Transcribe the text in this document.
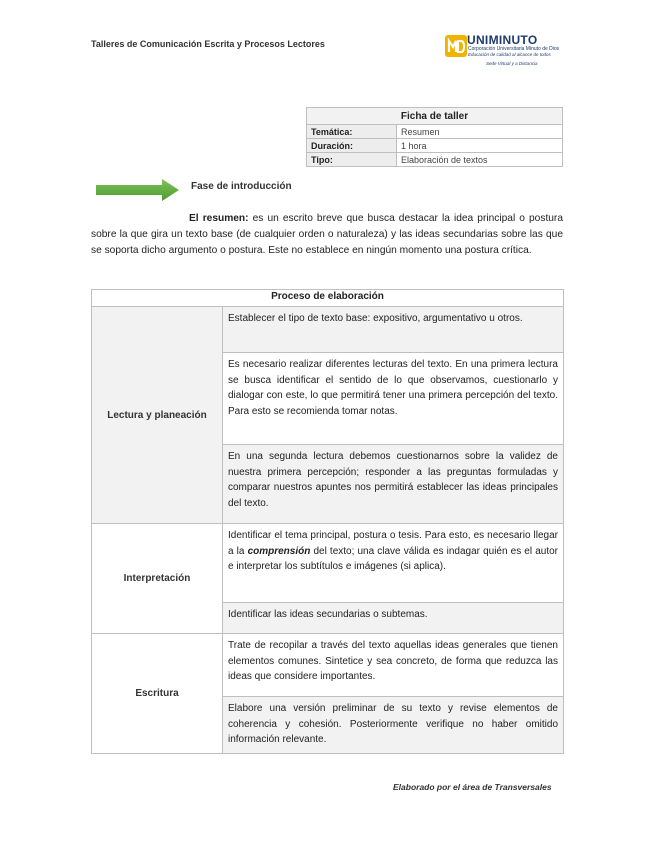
Talleres de Comunicación Escrita y Procesos Lectores	UNIMINUTO
Corporación Universitaria Minuto de Dios
Educación de calidad al alcance de todos
Sede Virtual y a Distancia
Ficha de taller	
Temática:	Resumen
Duración:	1 hora
Tipo:	Elaboración de textos
Fase de introducción
El resumen: es un escrito breve que busca destacar la idea principal o postura sobre la que gira un texto base (de cualquier orden o naturaleza) y las ideas secundarias sobre las que se soporta dicho argumento o postura. Este no establece en ningún momento una postura crítica.
Proceso de elaboración	
Lectura y planeación	Establecer el tipo de texto base: expositivo, argumentativo u otros.
	Es necesario realizar diferentes lecturas del texto. En una primera lectura se busca identificar el sentido de lo que observamos, cuestionarlo y dialogar con este, lo que permitirá tener una primera percepción del texto. Para esto se recomienda tomar notas.
	En una segunda lectura debemos cuestionarnos sobre la validez de nuestra primera percepción; responder a las preguntas formuladas y comparar nuestros apuntes nos permitirá establecer las ideas principales del texto.
Interpretación	Identificar el tema principal, postura o tesis. Para esto, es necesario llegar a la comprensión del texto; una clave válida es indagar quién es el autor e interpretar los subtítulos e imágenes (si aplica).
	Identificar las ideas secundarias o subtemas.
Escritura	Trate de recopilar a través del texto aquellas ideas generales que tienen elementos comunes. Sintetice y sea concreto, de forma que reduzca las ideas que considere importantes.
	Elabore una versión preliminar de su texto y revise elementos de coherencia y cohesión. Posteriormente verifique no haber omitido información relevante.
Elaborado por el área de Transversales
